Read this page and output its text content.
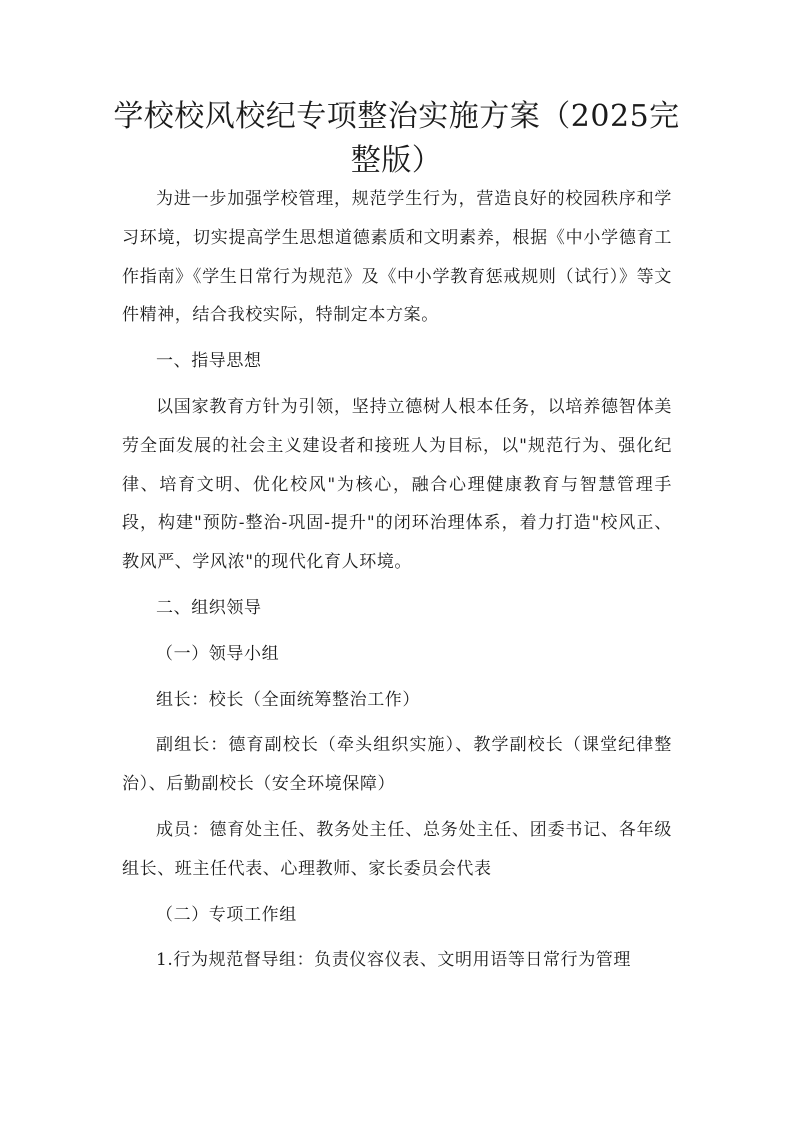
学校校风校纪专项整治实施方案（2025完整版）

为进一步加强学校管理，规范学生行为，营造良好的校园秩序和学习环境，切实提高学生思想道德素质和文明素养，根据《中小学德育工作指南》《学生日常行为规范》及《中小学教育惩戒规则（试行）》等文件精神，结合我校实际，特制定本方案。

一、指导思想

以国家教育方针为引领，坚持立德树人根本任务，以培养德智体美劳全面发展的社会主义建设者和接班人为目标，以"规范行为、强化纪律、培育文明、优化校风"为核心，融合心理健康教育与智慧管理手段，构建"预防-整治-巩固-提升"的闭环治理体系，着力打造"校风正、教风严、学风浓"的现代化育人环境。

二、组织领导

（一）领导小组

组长：校长（全面统筹整治工作）

副组长：德育副校长（牵头组织实施）、教学副校长（课堂纪律整治）、后勤副校长（安全环境保障）

成员：德育处主任、教务处主任、总务处主任、团委书记、各年级组长、班主任代表、心理教师、家长委员会代表

（二）专项工作组

1.行为规范督导组：负责仪容仪表、文明用语等日常行为管理
